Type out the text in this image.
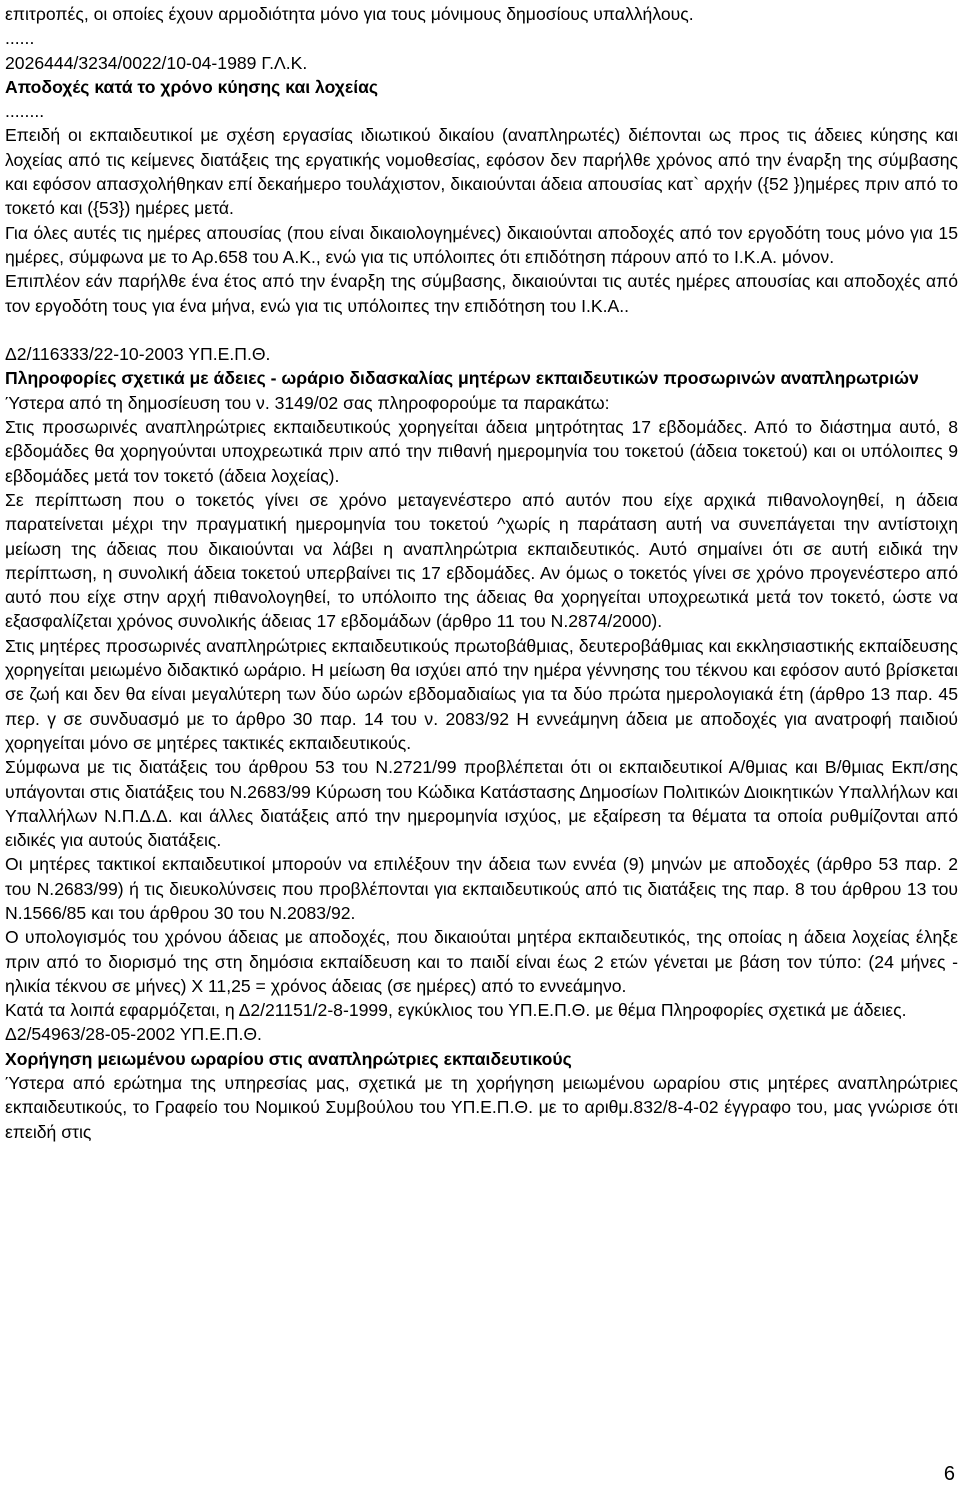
επιτροπές, οι οποίες έχουν αρμοδιότητα μόνο για τους μόνιμους δημοσίους υπαλλήλους.

......

2026444/3234/0022/10-04-1989 Γ.Λ.Κ.

Αποδοχές κατά το χρόνο κύησης και λοχείας

........

Επειδή οι εκπαιδευτικοί με σχέση εργασίας ιδιωτικού δικαίου (αναπληρωτές) διέπονται ως προς τις άδειες κύησης και λοχείας από τις κείμενες διατάξεις της εργατικής νομοθεσίας, εφόσον δεν παρήλθε χρόνος από την έναρξη της σύμβασης και εφόσον απασχολήθηκαν επί δεκαήμερο τουλάχιστον, δικαιούνται άδεια απουσίας κατ` αρχήν ({52 })ημέρες πριν από το τοκετό και ({53}) ημέρες μετά.

Για όλες αυτές τις ημέρες απουσίας (που είναι δικαιολογημένες) δικαιούνται αποδοχές από τον εργοδότη τους μόνο για 15 ημέρες, σύμφωνα με το Αρ.658 του Α.Κ., ενώ για τις υπόλοιπες ότι επιδότηση πάρουν από το Ι.Κ.Α. μόνον.

Επιπλέον εάν παρήλθε ένα έτος από την έναρξη της σύμβασης, δικαιούνται τις αυτές ημέρες απουσίας και αποδοχές από τον εργοδότη τους για ένα μήνα, ενώ για τις υπόλοιπες την επιδότηση του Ι.Κ.Α..

Δ2/116333/22-10-2003 ΥΠ.Ε.Π.Θ.

Πληροφορίες σχετικά με άδειες - ωράριο διδασκαλίας μητέρων εκπαιδευτικών προσωρινών αναπληρωτριών

Ύστερα από τη δημοσίευση του ν. 3149/02 σας πληροφορούμε τα παρακάτω:

Στις προσωρινές αναπληρώτριες εκπαιδευτικούς χορηγείται άδεια μητρότητας 17 εβδομάδες. Από το διάστημα αυτό, 8 εβδομάδες θα χορηγούνται υποχρεωτικά πριν από την πιθανή ημερομηνία του τοκετού (άδεια τοκετού) και οι υπόλοιπες 9 εβδομάδες μετά τον τοκετό (άδεια λοχείας).

Σε περίπτωση που ο τοκετός γίνει σε χρόνο μεταγενέστερο από αυτόν που είχε αρχικά πιθανολογηθεί, η άδεια παρατείνεται μέχρι την πραγματική ημερομηνία του τοκετού ^χωρίς η παράταση αυτή να συνεπάγεται την αντίστοιχη μείωση της άδειας που δικαιούνται να λάβει η αναπληρώτρια εκπαιδευτικός. Αυτό σημαίνει ότι σε αυτή ειδικά την περίπτωση, η συνολική άδεια τοκετού υπερβαίνει τις 17 εβδομάδες. Αν όμως ο τοκετός γίνει σε χρόνο προγενέστερο από αυτό που είχε στην αρχή πιθανολογηθεί, το υπόλοιπο της άδειας θα χορηγείται υποχρεωτικά μετά τον τοκετό, ώστε να εξασφαλίζεται χρόνος συνολικής άδειας 17 εβδομάδων (άρθρο 11 του Ν.2874/2000).

Στις μητέρες προσωρινές αναπληρώτριες εκπαιδευτικούς πρωτοβάθμιας, δευτεροβάθμιας και εκκλησιαστικής εκπαίδευσης χορηγείται μειωμένο διδακτικό ωράριο. Η μείωση θα ισχύει από την ημέρα γέννησης του τέκνου και εφόσον αυτό βρίσκεται σε ζωή και δεν θα είναι μεγαλύτερη των δύο ωρών εβδομαδιαίως για τα δύο πρώτα ημερολογιακά έτη (άρθρο 13 παρ. 45 περ. γ σε συνδυασμό με το άρθρο 30 παρ. 14 του ν. 2083/92 Η εννεάμηνη άδεια με αποδοχές για ανατροφή παιδιού χορηγείται μόνο σε μητέρες τακτικές εκπαιδευτικούς.

Σύμφωνα με τις διατάξεις του άρθρου 53 του Ν.2721/99 προβλέπεται ότι οι εκπαιδευτικοί Α/θμιας και Β/θμιας Εκπ/σης υπάγονται στις διατάξεις του Ν.2683/99 Κύρωση του Κώδικα Κατάστασης Δημοσίων Πολιτικών Διοικητικών Υπαλλήλων και Υπαλλήλων Ν.Π.Δ.Δ. και άλλες διατάξεις από την ημερομηνία ισχύος, με εξαίρεση τα θέματα τα οποία ρυθμίζονται από ειδικές για αυτούς διατάξεις.

Οι μητέρες τακτικοί εκπαιδευτικοί μπορούν να επιλέξουν την άδεια των εννέα (9) μηνών με αποδοχές (άρθρο 53 παρ. 2 του Ν.2683/99) ή τις διευκολύνσεις που προβλέπονται για εκπαιδευτικούς από τις διατάξεις της παρ. 8 του άρθρου 13 του Ν.1566/85 και του άρθρου 30 του Ν.2083/92.

Ο υπολογισμός του χρόνου άδειας με αποδοχές, που δικαιούται μητέρα εκπαιδευτικός, της οποίας η άδεια λοχείας έληξε πριν από το διορισμό της στη δημόσια εκπαίδευση και το παιδί είναι έως 2 ετών γένεται με βάση τον τύπο: (24 μήνες - ηλικία τέκνου σε μήνες) Χ 11,25 = χρόνος άδειας (σε ημέρες) από το εννεάμηνο.

Κατά τα λοιπά εφαρμόζεται, η Δ2/21151/2-8-1999, εγκύκλιος του ΥΠ.Ε.Π.Θ. με θέμα Πληροφορίες σχετικά με άδειες.

Δ2/54963/28-05-2002 ΥΠ.Ε.Π.Θ.

Χορήγηση μειωμένου ωραρίου στις αναπληρώτριες εκπαιδευτικούς

Ύστερα από ερώτημα της υπηρεσίας μας, σχετικά με τη χορήγηση μειωμένου ωραρίου στις μητέρες αναπληρώτριες εκπαιδευτικούς, το Γραφείο του Νομικού Συμβούλου του ΥΠ.Ε.Π.Θ. με το αριθμ.832/8-4-02 έγγραφο του, μας γνώρισε ότι επειδή στις

6
